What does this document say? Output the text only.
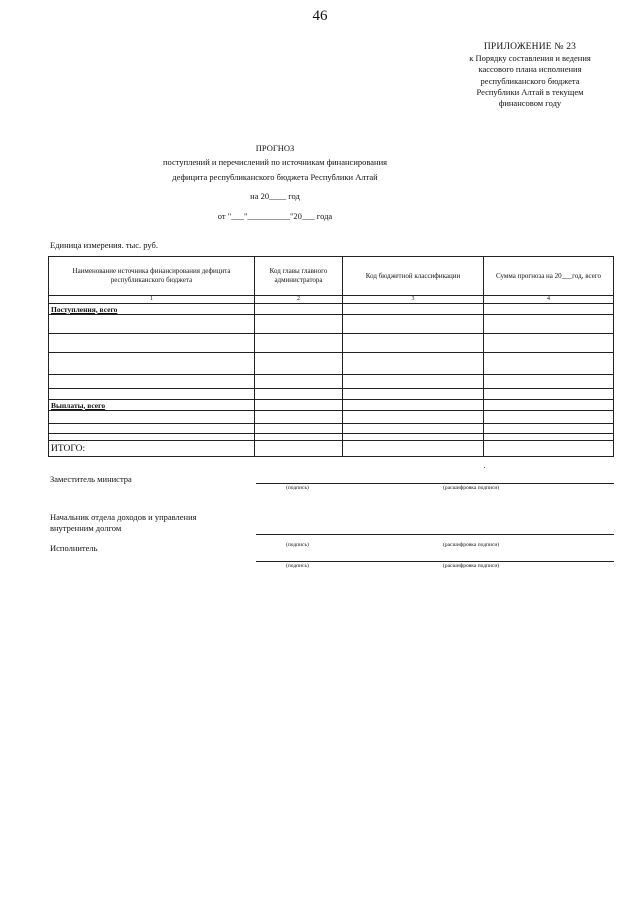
46
ПРИЛОЖЕНИЕ № 23
к Порядку составления и ведения
кассового плана исполнения
республиканского бюджета
Республики Алтай в текущем
финансовом году
ПРОГНОЗ
поступлений и перечислений по источникам финансирования
дефицита республиканского бюджета Республики Алтай
на 20____ год
от "___"__________"20___ года
Единица измерения. тыс. руб.
Наименование источника финансирования дефицита республиканского бюджета	Код главы главного администратора	Код бюджетной классификации	Сумма прогноза на 20___год, всего
1	2	3	4
Поступления, всего			

Выплаты, всего			

ИТОГО:			
Заместитель министра
(подпись)	(расшифровка подписи)
Начальник отдела доходов и управления
внутренним долгом
(подпись)	(расшифровка подписи)
Исполнитель
(подпись)	(расшифровка подписи)
